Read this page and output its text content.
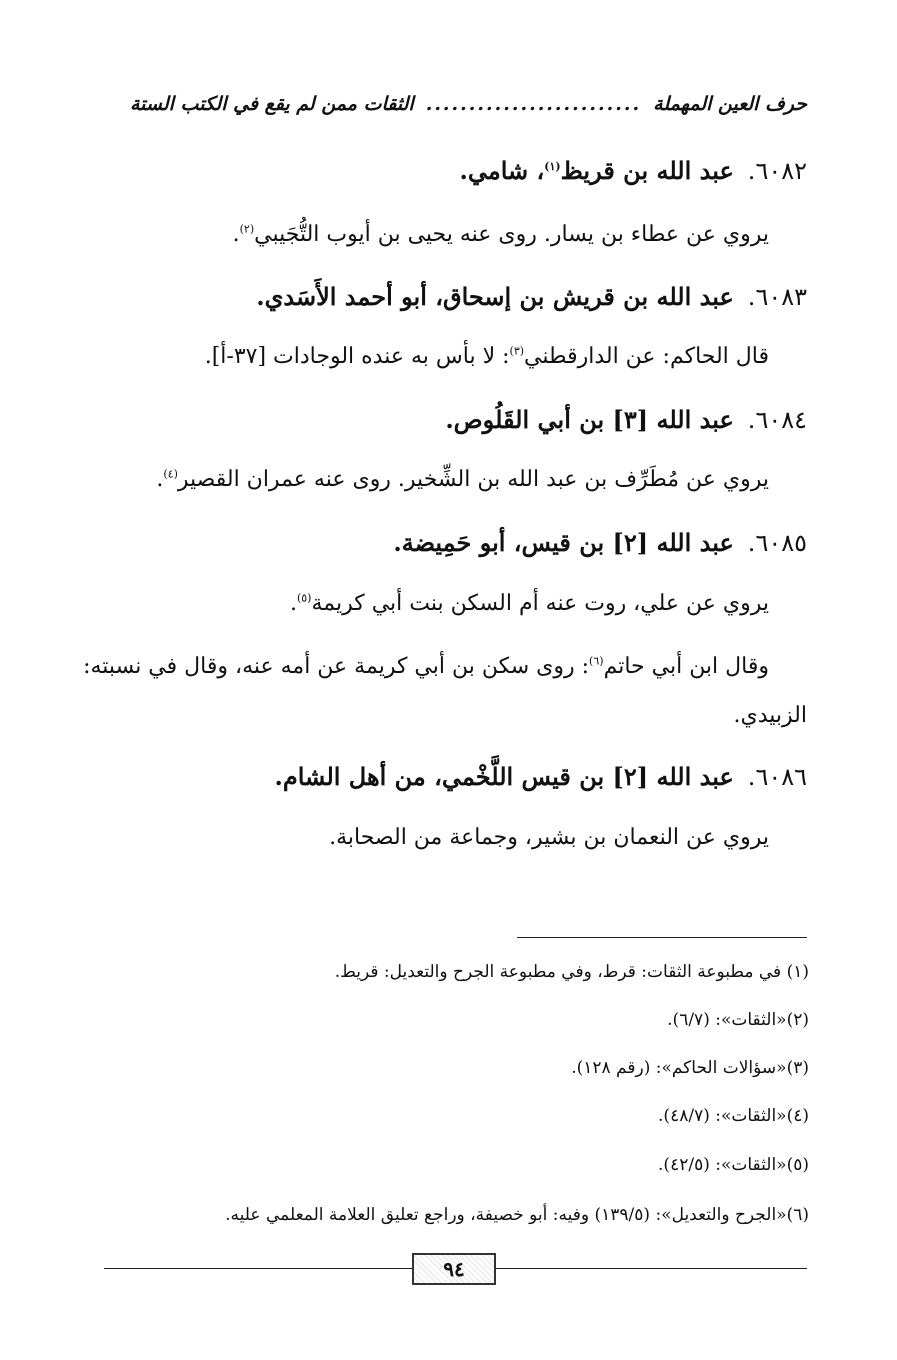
حرف العين المهملة
.........................
الثقات ممن لم يقع في الكتب الستة
٦٠٨٢.عبد الله بن قريظ$^{(١)}$، شامي.
يروي عن عطاء بن يسار. روى عنه يحيى بن أيوب التُّجَيبي$^{(٢)}$.
٦٠٨٣.عبد الله بن قريش بن إسحاق، أبو أحمد الأَسَدي.
قال الحاكم: عن الدارقطني$^{(٣)}$: لا بأس به عنده الوجادات [٣٧-أ].
٦٠٨٤.عبد الله [٣] بن أبي القَلُوص.
يروي عن مُطَرِّف بن عبد الله بن الشِّخير. روى عنه عمران القصير$^{(٤)}$.
٦٠٨٥.عبد الله [٢] بن قيس، أبو حَمِيضة.
يروي عن علي، روت عنه أم السكن بنت أبي كريمة$^{(٥)}$.
وقال ابن أبي حاتم$^{(٦)}$: روى سكن بن أبي كريمة عن أمه عنه، وقال في نسبته:
الزبيدي.
٦٠٨٦.عبد الله [٢] بن قيس اللَّخْمي، من أهل الشام.
يروي عن النعمان بن بشير، وجماعة من الصحابة.
(١) في مطبوعة الثقات: قرط، وفي مطبوعة الجرح والتعديل: قريط.
(٢)«الثقات»: (٦/٧).
(٣)«سؤالات الحاكم»: (رقم ١٢٨).
(٤)«الثقات»: (٤٨/٧).
(٥)«الثقات»: (٤٢/٥).
(٦)«الجرح والتعديل»: (١٣٩/٥) وفيه: أبو خصيفة، وراجع تعليق العلامة المعلمي عليه.
٩٤
